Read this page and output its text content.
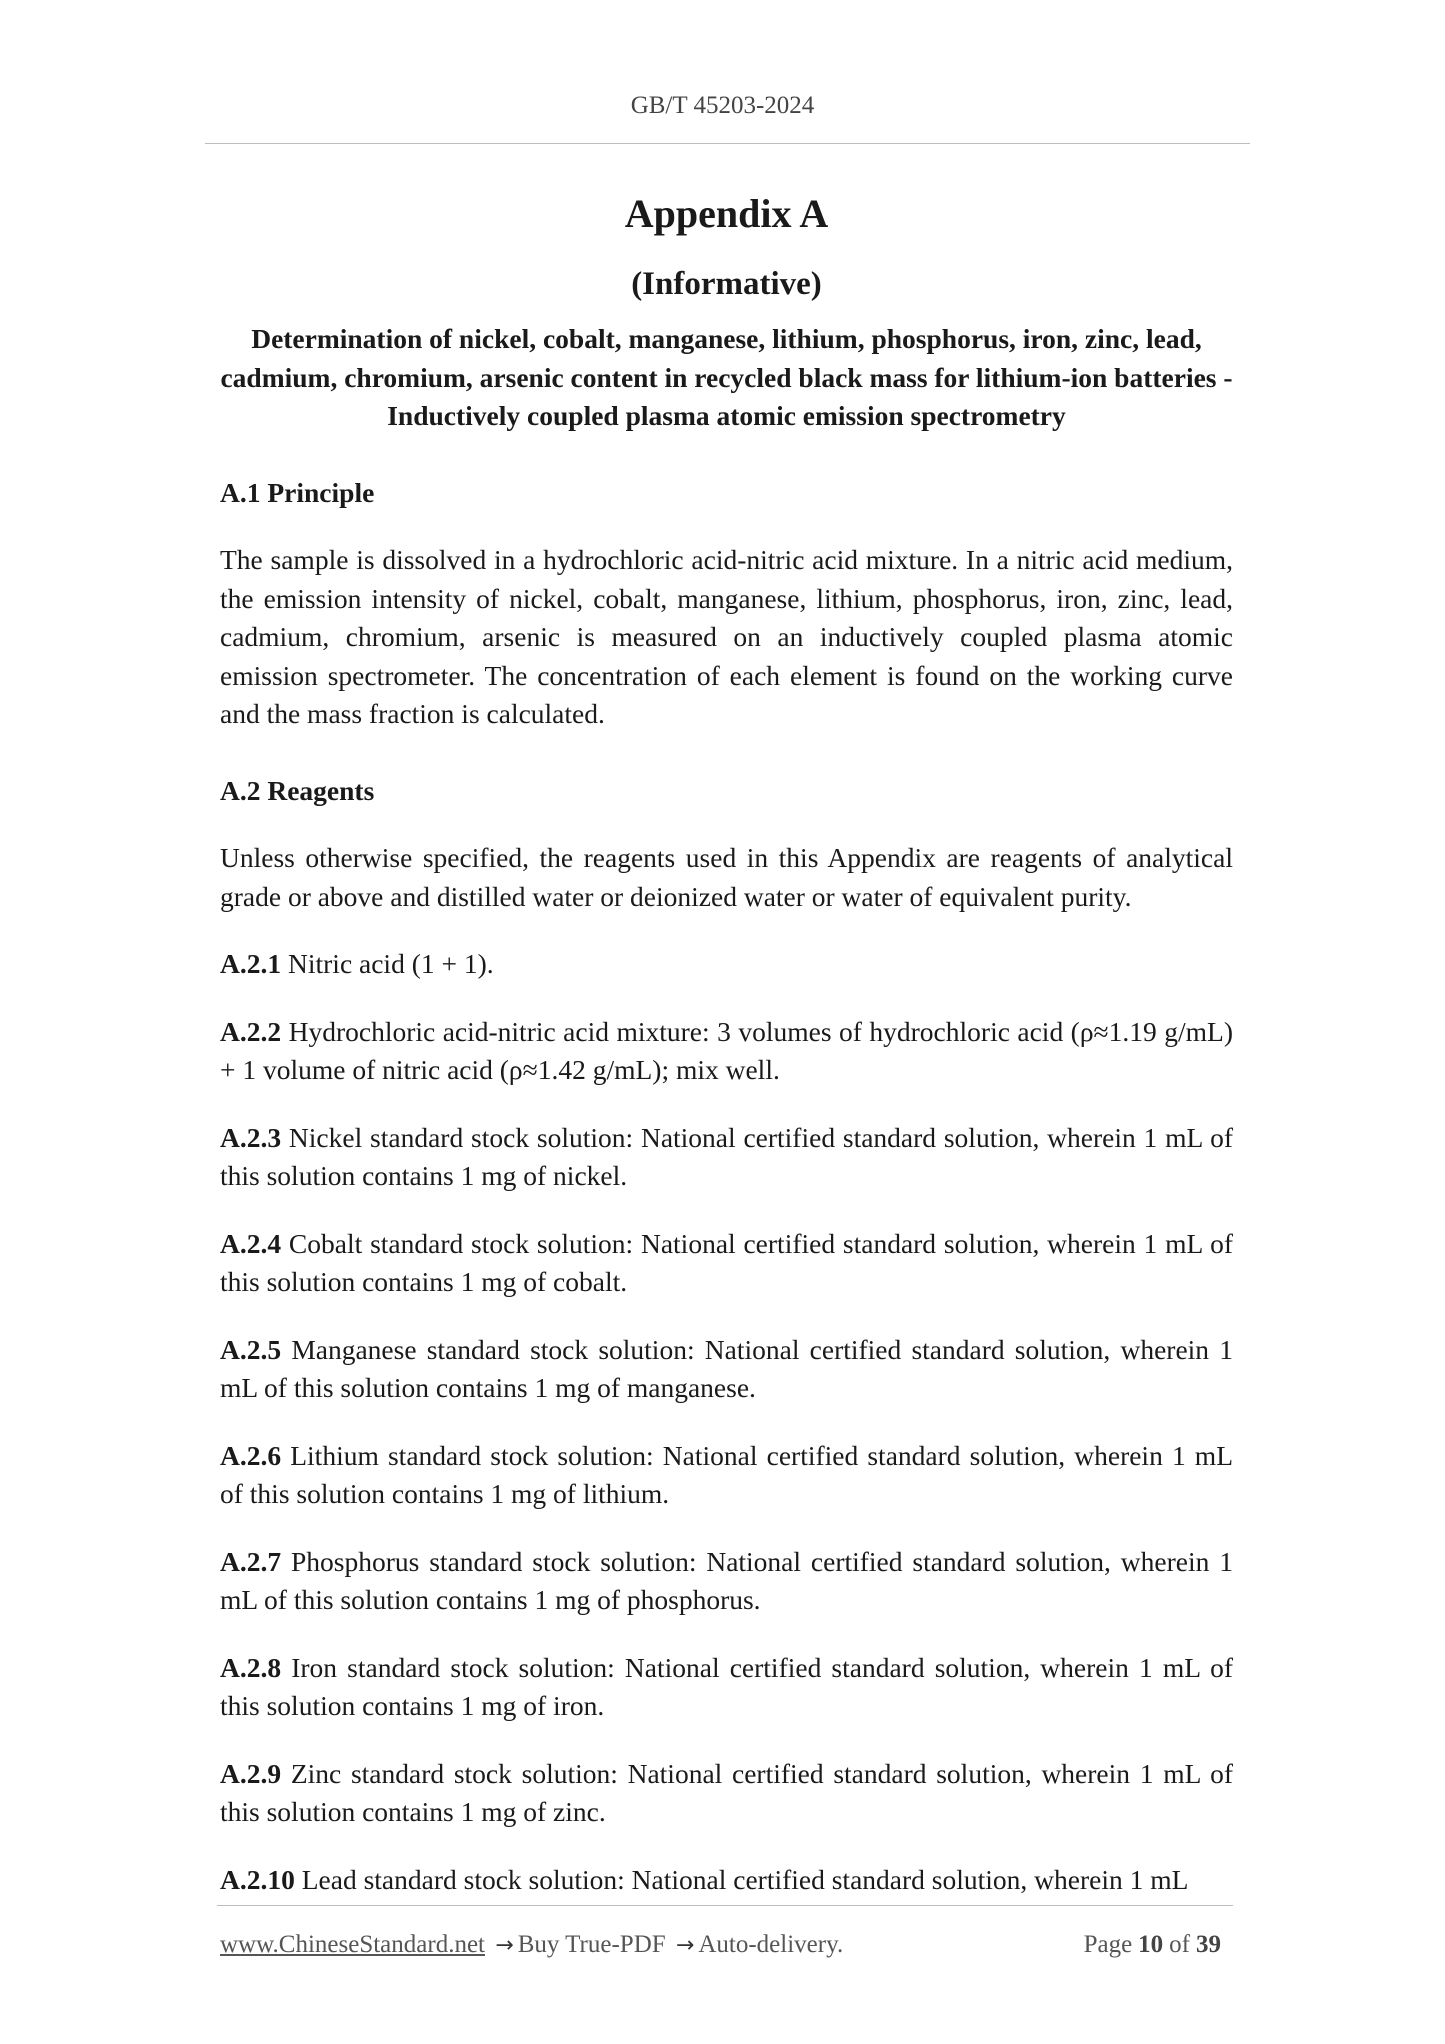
GB/T 45203-2024
Appendix A
(Informative)

Determination of nickel, cobalt, manganese, lithium, phosphorus, iron, zinc, lead, cadmium, chromium, arsenic content in recycled black mass for lithium-ion batteries - Inductively coupled plasma atomic emission spectrometry

A.1 Principle

The sample is dissolved in a hydrochloric acid-nitric acid mixture. In a nitric acid medium, the emission intensity of nickel, cobalt, manganese, lithium, phosphorus, iron, zinc, lead, cadmium, chromium, arsenic is measured on an inductively coupled plasma atomic emission spectrometer. The concentration of each element is found on the working curve and the mass fraction is calculated.

A.2 Reagents

Unless otherwise specified, the reagents used in this Appendix are reagents of analytical grade or above and distilled water or deionized water or water of equivalent purity.

A.2.1 Nitric acid (1 + 1).

A.2.2 Hydrochloric acid-nitric acid mixture: 3 volumes of hydrochloric acid (ρ≈1.19 g/mL) + 1 volume of nitric acid (ρ≈1.42 g/mL); mix well.

A.2.3 Nickel standard stock solution: National certified standard solution, wherein 1 mL of this solution contains 1 mg of nickel.

A.2.4 Cobalt standard stock solution: National certified standard solution, wherein 1 mL of this solution contains 1 mg of cobalt.

A.2.5 Manganese standard stock solution: National certified standard solution, wherein 1 mL of this solution contains 1 mg of manganese.

A.2.6 Lithium standard stock solution: National certified standard solution, wherein 1 mL of this solution contains 1 mg of lithium.

A.2.7 Phosphorus standard stock solution: National certified standard solution, wherein 1 mL of this solution contains 1 mg of phosphorus.

A.2.8 Iron standard stock solution: National certified standard solution, wherein 1 mL of this solution contains 1 mg of iron.

A.2.9 Zinc standard stock solution: National certified standard solution, wherein 1 mL of this solution contains 1 mg of zinc.

A.2.10 Lead standard stock solution: National certified standard solution, wherein 1 mL

www.ChineseStandard.net → Buy True-PDF → Auto-delivery.	Page 10 of 39
